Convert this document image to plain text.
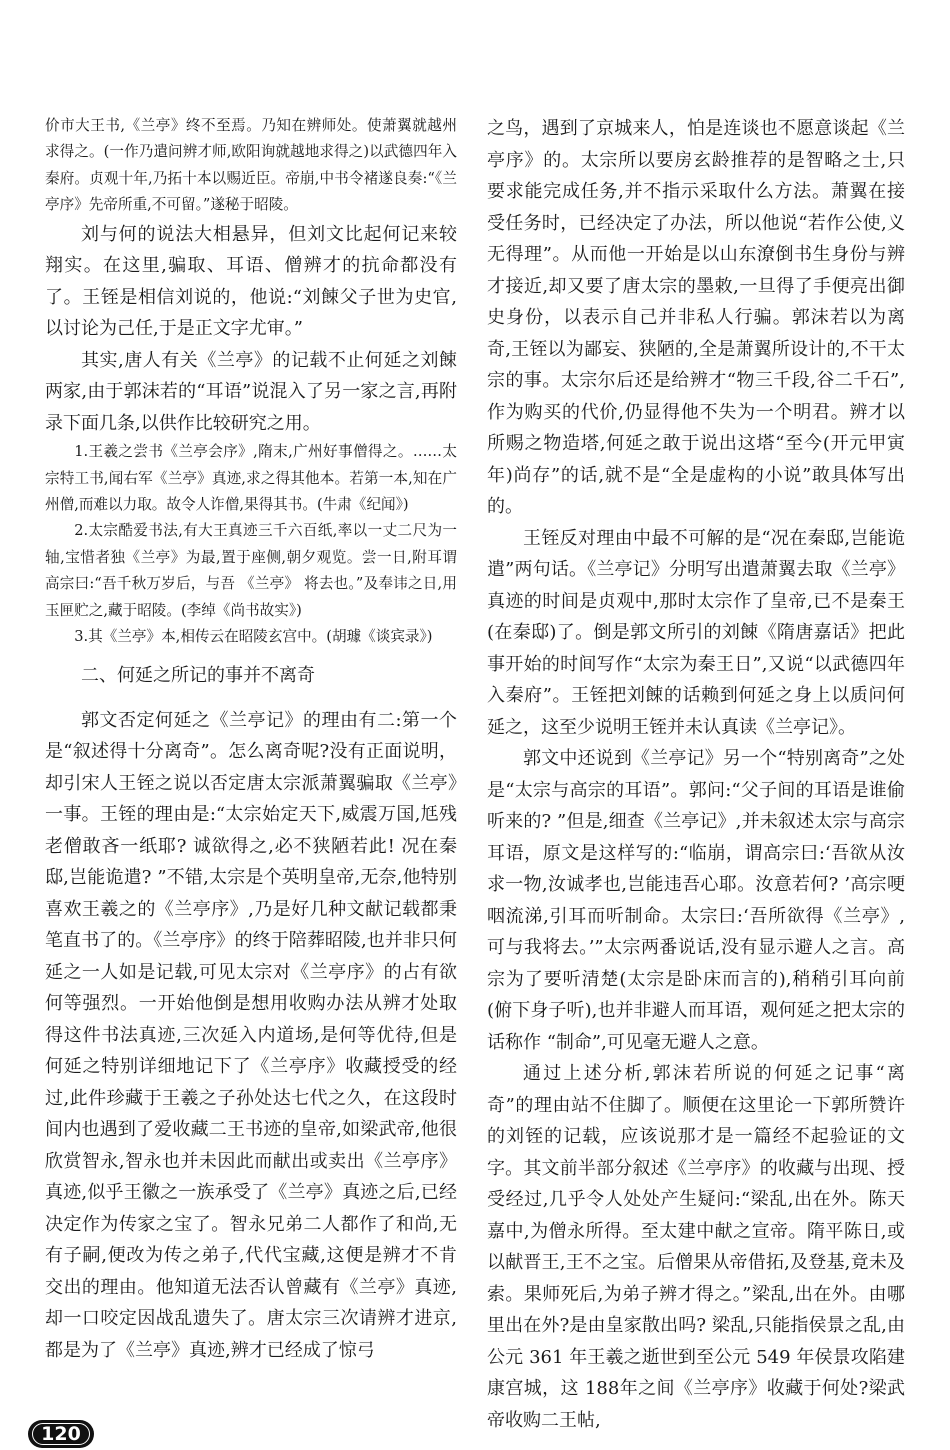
价市大王书,《兰亭》终不至焉。乃知在辨师处。使萧翼就越州求得之。(一作乃遣问辨才师,欧阳询就越地求得之)以武德四年入秦府。贞观十年,乃拓十本以赐近臣。帝崩,中书令褚遂良奏:“《兰亭序》先帝所重,不可留。”遂秘于昭陵。

刘与何的说法大相悬异，但刘文比起何记来较翔实。在这里,骗取、耳语、僧辨才的抗命都没有了。王铚是相信刘说的，他说:“刘餗父子世为史官,以讨论为己任,于是正文字尤审。”

其实,唐人有关《兰亭》的记载不止何延之刘餗两家,由于郭沫若的“耳语”说混入了另一家之言,再附录下面几条,以供作比较研究之用。

1.王羲之尝书《兰亭会序》,隋末,广州好事僧得之。……太宗特工书,闻右军《兰亭》真迹,求之得其他本。若第一本,知在广州僧,而难以力取。故令人诈僧,果得其书。(牛肃《纪闻》)

2.太宗酷爱书法,有大王真迹三千六百纸,率以一丈二尺为一轴,宝惜者独《兰亭》为最,置于座侧,朝夕观览。尝一日,附耳谓高宗曰:“吾千秋万岁后，与吾 《兰亭》 将去也。”及奉讳之日,用玉匣贮之,藏于昭陵。(李绰《尚书故实》)

3.其《兰亭》本,相传云在昭陵玄宫中。(胡璩《谈宾录》)

二、何延之所记的事并不离奇

郭文否定何延之《兰亭记》的理由有二:第一个是“叙述得十分离奇”。怎么离奇呢?没有正面说明，却引宋人王铚之说以否定唐太宗派萧翼骗取《兰亭》一事。王铚的理由是:“太宗始定天下,威震万国,尪残老僧敢吝一纸耶? 诚欲得之,必不狭陋若此! 况在秦邸,岂能诡遣? ”不错,太宗是个英明皇帝,无奈,他特别喜欢王羲之的《兰亭序》,乃是好几种文献记载都秉笔直书了的。《兰亭序》的终于陪葬昭陵,也并非只何延之一人如是记载,可见太宗对《兰亭序》的占有欲何等强烈。一开始他倒是想用收购办法从辨才处取得这件书法真迹,三次延入内道场,是何等优待,但是何延之特别详细地记下了《兰亭序》收藏授受的经过,此件珍藏于王羲之子孙处达七代之久，在这段时间内也遇到了爱收藏二王书迹的皇帝,如梁武帝,他很欣赏智永,智永也并未因此而献出或卖出《兰亭序》真迹,似乎王徽之一族承受了《兰亭》真迹之后,已经决定作为传家之宝了。智永兄弟二人都作了和尚,无有子嗣,便改为传之弟子,代代宝藏,这便是辨才不肯交出的理由。他知道无法否认曾藏有《兰亭》真迹,却一口咬定因战乱遗失了。唐太宗三次请辨才进京,都是为了《兰亭》真迹,辨才已经成了惊弓

之鸟，遇到了京城来人，怕是连谈也不愿意谈起《兰亭序》的。太宗所以要房玄龄推荐的是智略之士,只要求能完成任务,并不指示采取什么方法。萧翼在接受任务时，已经决定了办法，所以他说“若作公使,义无得理”。从而他一开始是以山东潦倒书生身份与辨才接近,却又要了唐太宗的墨敕,一旦得了手便亮出御史身份，以表示自己并非私人行骗。郭沫若以为离奇,王铚以为鄙妄、狭陋的,全是萧翼所设计的,不干太宗的事。太宗尔后还是给辨才“物三千段,谷二千石”,作为购买的代价,仍显得他不失为一个明君。辨才以所赐之物造塔,何延之敢于说出这塔“至今(开元甲寅年)尚存”的话,就不是“全是虚构的小说”敢具体写出的。

王铚反对理由中最不可解的是“况在秦邸,岂能诡遣”两句话。《兰亭记》分明写出遣萧翼去取《兰亭》真迹的时间是贞观中,那时太宗作了皇帝,已不是秦王(在秦邸)了。倒是郭文所引的刘餗《隋唐嘉话》把此事开始的时间写作“太宗为秦王日”,又说“以武德四年入秦府”。王铚把刘餗的话赖到何延之身上以质问何延之，这至少说明王铚并未认真读《兰亭记》。

郭文中还说到《兰亭记》另一个“特别离奇”之处是“太宗与高宗的耳语”。郭问:“父子间的耳语是谁偷听来的? ”但是,细查《兰亭记》,并未叙述太宗与高宗耳语，原文是这样写的:“临崩，谓高宗曰:‘吾欲从汝求一物,汝诚孝也,岂能违吾心耶。汝意若何? ’高宗哽咽流涕,引耳而听制命。太宗曰:‘吾所欲得《兰亭》,可与我将去。’”太宗两番说话,没有显示避人之言。高宗为了要听清楚(太宗是卧床而言的),稍稍引耳向前(俯下身子听),也并非避人而耳语，观何延之把太宗的话称作 “制命”,可见毫无避人之意。

通过上述分析,郭沫若所说的何延之记事“离奇”的理由站不住脚了。顺便在这里论一下郭所赞许的刘铚的记载，应该说那才是一篇经不起验证的文字。其文前半部分叙述《兰亭序》的收藏与出现、授受经过,几乎令人处处产生疑问:“梁乱,出在外。陈天嘉中,为僧永所得。至太建中献之宣帝。隋平陈日,或以献晋王,王不之宝。后僧果从帝借拓,及登基,竟未及索。果师死后,为弟子辨才得之。”梁乱,出在外。由哪里出在外?是由皇家散出吗? 梁乱,只能指侯景之乱,由公元 361 年王羲之逝世到至公元 549 年侯景攻陷建康宫城，这 188年之间《兰亭序》收藏于何处?梁武帝收购二王帖,

120
